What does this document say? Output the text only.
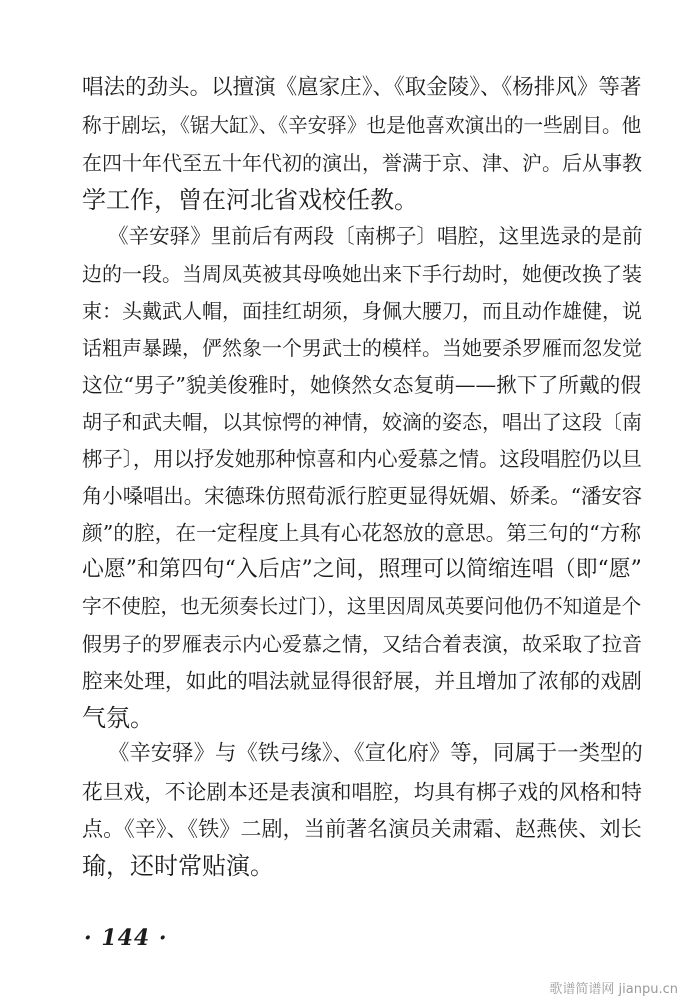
唱法的劲头。以擅演《扈家庄》、《取金陵》、《杨排风》等著
称于剧坛，《锯大缸》、《辛安驿》也是他喜欢演出的一些剧目。他
在四十年代至五十年代初的演出，誉满于京、津、沪。后从事教
学工作，曾在河北省戏校任教。
《辛安驿》里前后有两段〔南梆子〕唱腔，这里选录的是前
边的一段。当周凤英被其母唤她出来下手行劫时，她便改换了装
束：头戴武人帽，面挂红胡须，身佩大腰刀，而且动作雄健，说
话粗声暴躁，俨然象一个男武士的模样。当她要杀罗雁而忽发觉
这位“男子”貌美俊雅时，她倏然女态复萌——揪下了所戴的假
胡子和武夫帽，以其惊愕的神情，姣滴的姿态，唱出了这段〔南
梆子〕，用以抒发她那种惊喜和内心爱慕之情。这段唱腔仍以旦
角小嗓唱出。宋德珠仿照荀派行腔更显得妩媚、娇柔。“潘安容
颜”的腔，在一定程度上具有心花怒放的意思。第三句的“方称
心愿”和第四句“入后店”之间，照理可以简缩连唱（即“愿”
字不使腔，也无须奏长过门），这里因周凤英要问他仍不知道是个
假男子的罗雁表示内心爱慕之情，又结合着表演，故采取了拉音
腔来处理，如此的唱法就显得很舒展，并且增加了浓郁的戏剧
气氛。
《辛安驿》与《铁弓缘》、《宣化府》等，同属于一类型的
花旦戏，不论剧本还是表演和唱腔，均具有梆子戏的风格和特
点。《辛》、《铁》二剧，当前著名演员关肃霜、赵燕侠、刘长
瑜，还时常贴演。
· 144 ·
歌谱简谱网 jianpu.cn
